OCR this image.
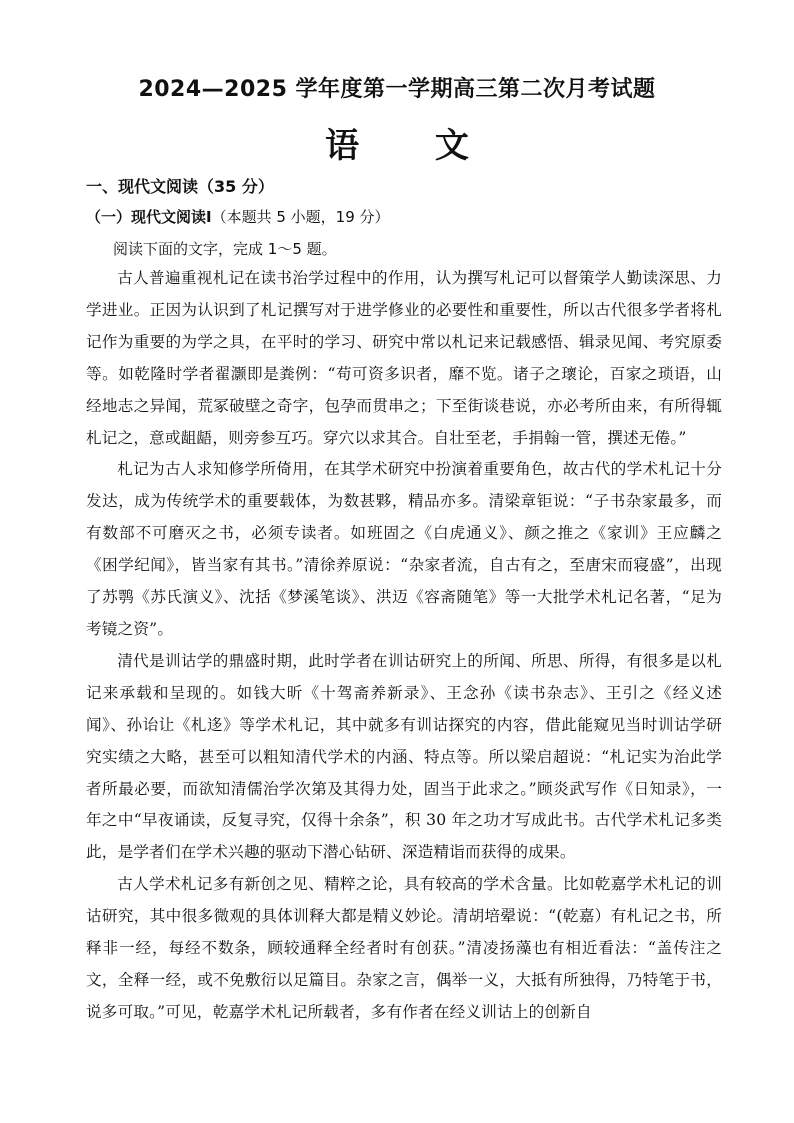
2024—2025 学年度第一学期高三第二次月考试题
语 文
一、现代文阅读（35 分）
（一）现代文阅读Ⅰ（本题共 5 小题，19 分）
阅读下面的文字，完成 1～5 题。

古人普遍重视札记在读书治学过程中的作用，认为撰写札记可以督策学人勤读深思、力学进业。正因为认识到了札记撰写对于进学修业的必要性和重要性，所以古代很多学者将札记作为重要的为学之具，在平时的学习、研究中常以札记来记载感悟、辑录见闻、考究原委等。如乾隆时学者翟灏即是粪例：“苟可资多识者，靡不览。诸子之瓌论，百家之琐语，山经地志之异闻，荒冢破壁之奇字，包孕而贯串之；下至街谈巷说，亦必考所由来，有所得辄札记之，意或龃龉，则旁参互巧。穿穴以求其合。自壮至老，手捐翰一管，撰述无倦。”

札记为古人求知修学所倚用，在其学术研究中扮演着重要角色，故古代的学术札记十分发达，成为传统学术的重要载体，为数甚夥，精品亦多。清梁章钜说：“子书杂家最多，而有数部不可磨灭之书，必须专读者。如班固之《白虎通义》、颜之推之《家训》王应麟之《困学纪闻》，皆当家有其书。”清徐养原说：“杂家者流，自古有之，至唐宋而寝盛”，出现了苏鹗《苏氏演义》、沈括《梦溪笔谈》、洪迈《容斋随笔》等一大批学术札记名著，“足为考镜之资”。

清代是训诂学的鼎盛时期，此时学者在训诂研究上的所闻、所思、所得，有很多是以札记来承载和呈现的。如钱大昕《十驾斋养新录》、王念孙《读书杂志》、王引之《经义述闻》、孙诒让《札迻》等学术札记，其中就多有训诂探究的内容，借此能窥见当时训诂学研究实绩之大略，甚至可以粗知清代学术的内涵、特点等。所以梁启超说：“札记实为治此学者所最必要，而欲知清儒治学次第及其得力处，固当于此求之。”顾炎武写作《日知录》，一年之中“早夜诵读，反复寻究，仅得十余条”，积 30 年之功才写成此书。古代学术札记多类此，是学者们在学术兴趣的驱动下潜心钻研、深造精诣而获得的成果。

古人学术札记多有新创之见、精粹之论，具有较高的学术含量。比如乾嘉学术札记的训诂研究，其中很多微观的具体训释大都是精义妙论。清胡培翚说：“(乾嘉）有札记之书，所释非一经，每经不数条，顾较通释全经者时有创获。”清凌扬藻也有相近看法：“盖传注之文，全释一经，或不免敷衍以足篇目。杂家之言，偶举一义，大抵有所独得，乃特笔于书，说多可取。”可见，乾嘉学术札记所载者，多有作者在经义训诂上的创新自
